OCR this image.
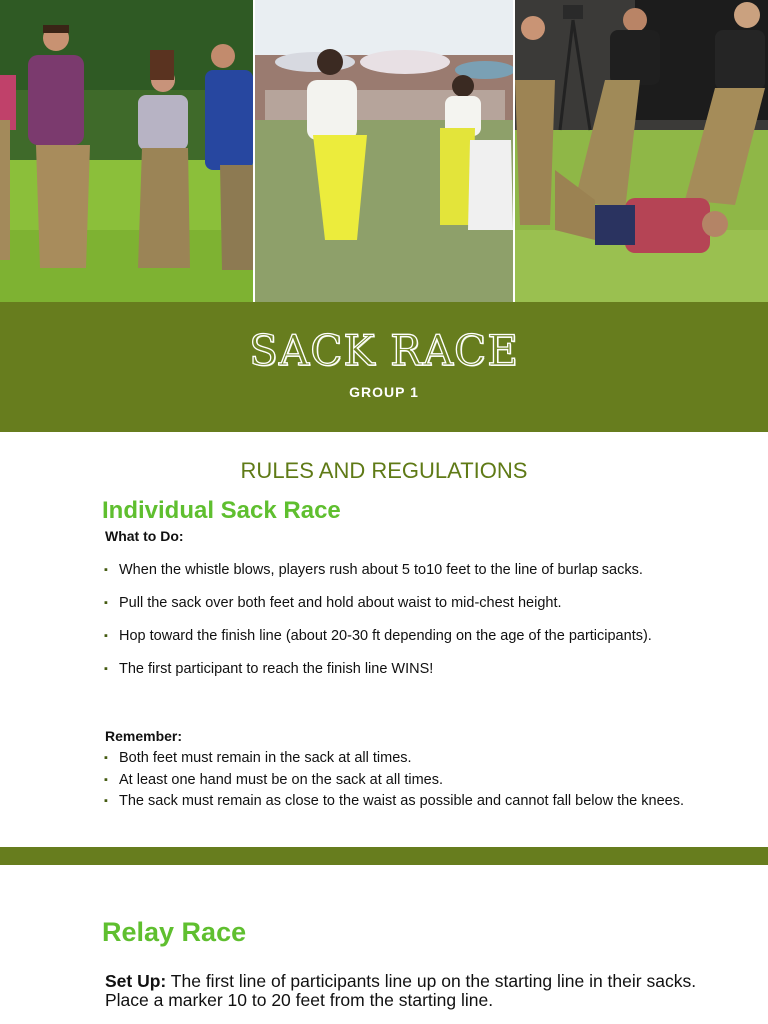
SACK RACE
GROUP 1
RULES AND REGULATIONS
Individual Sack Race
What to Do:
▪ When the whistle blows, players rush about 5 to10 feet to the line of burlap sacks.
▪ Pull the sack over both feet and hold about waist to mid-chest height.
▪ Hop toward the finish line (about 20-30 ft depending on the age of the participants).
▪ The first participant to reach the finish line WINS!
Remember:
▪ Both feet must remain in the sack at all times.
▪ At least one hand must be on the sack at all times.
▪ The sack must remain as close to the waist as possible and cannot fall below the knees.
Relay Race
Set Up: The first line of participants line up on the starting line in their sacks. Place a marker 10 to 20 feet from the starting line.
